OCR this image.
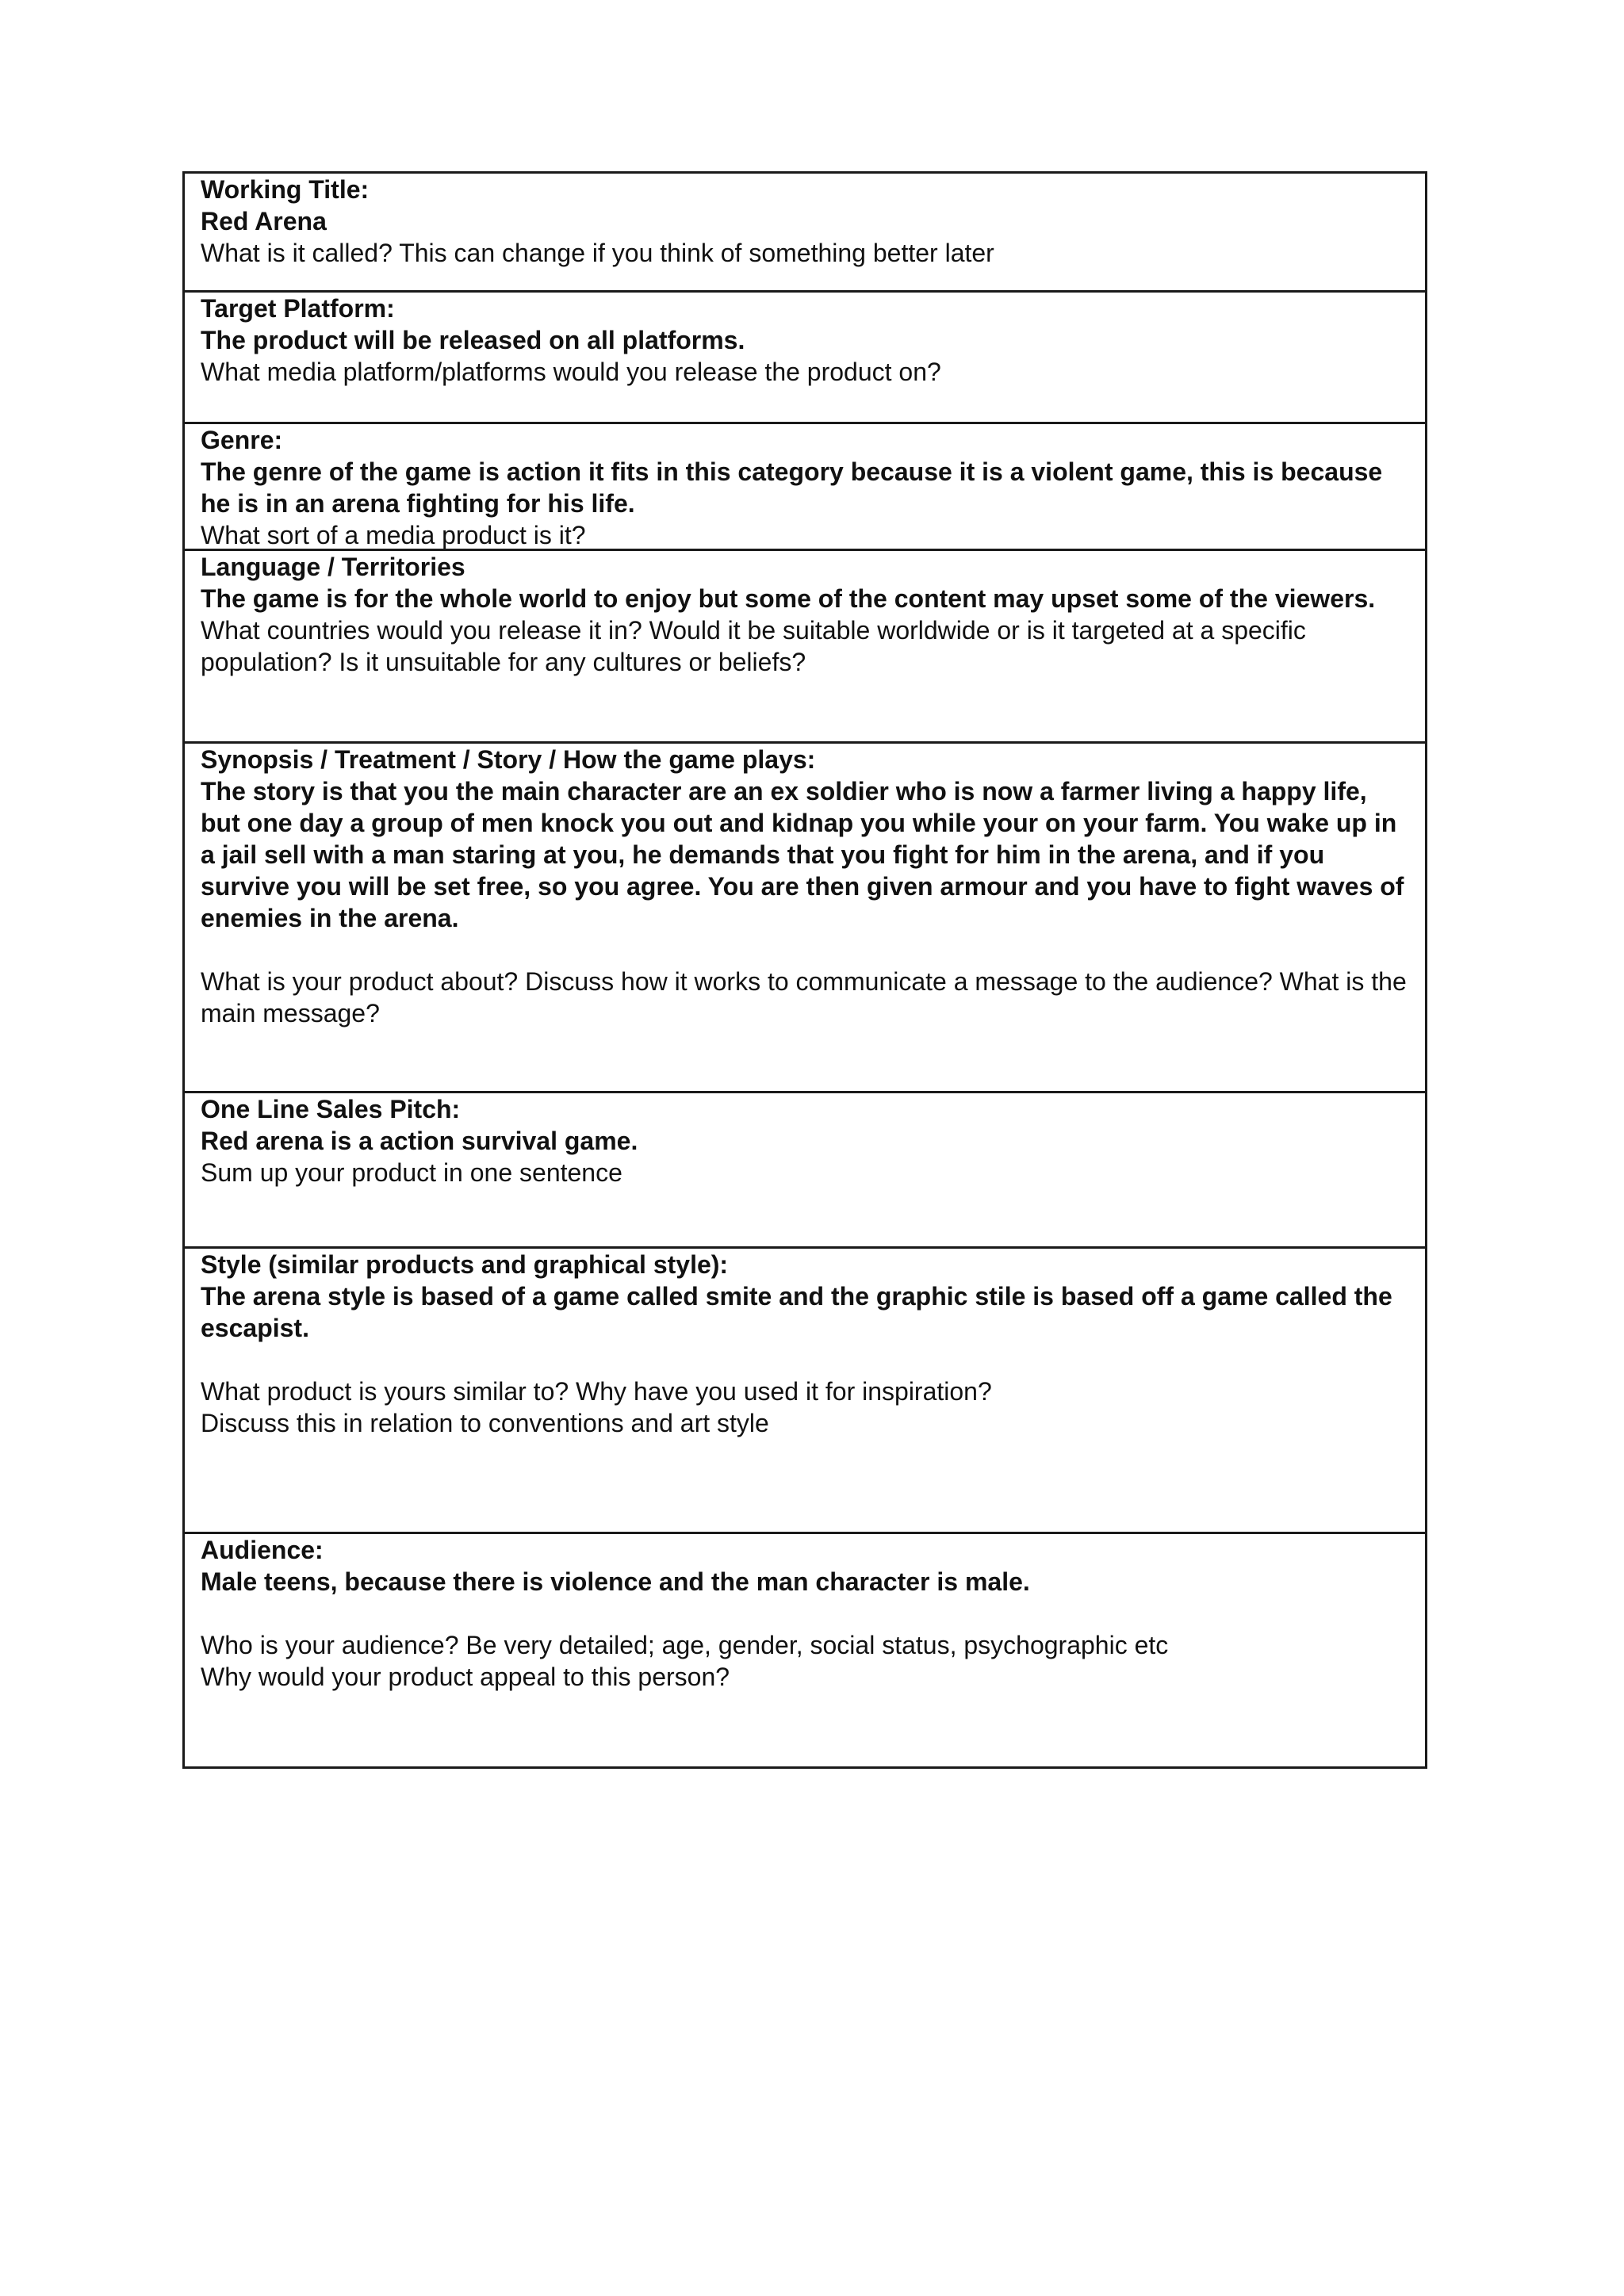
Working Title:
Red Arena
What is it called? This can change if you think of something better later
Target Platform:
The product will be released on all platforms.
What media platform/platforms would you release the product on?
Genre:
The genre of the game is action it fits in this category because it is a violent game, this is because he is in an arena fighting for his life.
What sort of a media product is it?
Language / Territories
The game is for the whole world to enjoy but some of the content may upset some of the viewers.
What countries would you release it in? Would it be suitable worldwide or is it targeted at a specific population? Is it unsuitable for any cultures or beliefs?
Synopsis / Treatment / Story / How the game plays:
The story is that you the main character are an ex soldier who is now a farmer living a happy life, but one day a group of men knock you out and kidnap you while your on your farm. You wake up in a jail sell with a man staring at you, he demands that you fight for him in the arena, and if you survive you will be set free, so you agree. You are then given armour and you have to fight waves of enemies in the arena.
What is your product about? Discuss how it works to communicate a message to the audience? What is the main message?
One Line Sales Pitch:
Red arena is a action survival game.
Sum up your product in one sentence
Style (similar products and graphical style):
The arena style is based of a game called smite and the graphic stile is based off a game called the escapist.
What product is yours similar to? Why have you used it for inspiration?
Discuss this in relation to conventions and art style
Audience:
Male teens, because there is violence and the man character is male.
Who is your audience? Be very detailed; age, gender, social status, psychographic etc
Why would your product appeal to this person?
